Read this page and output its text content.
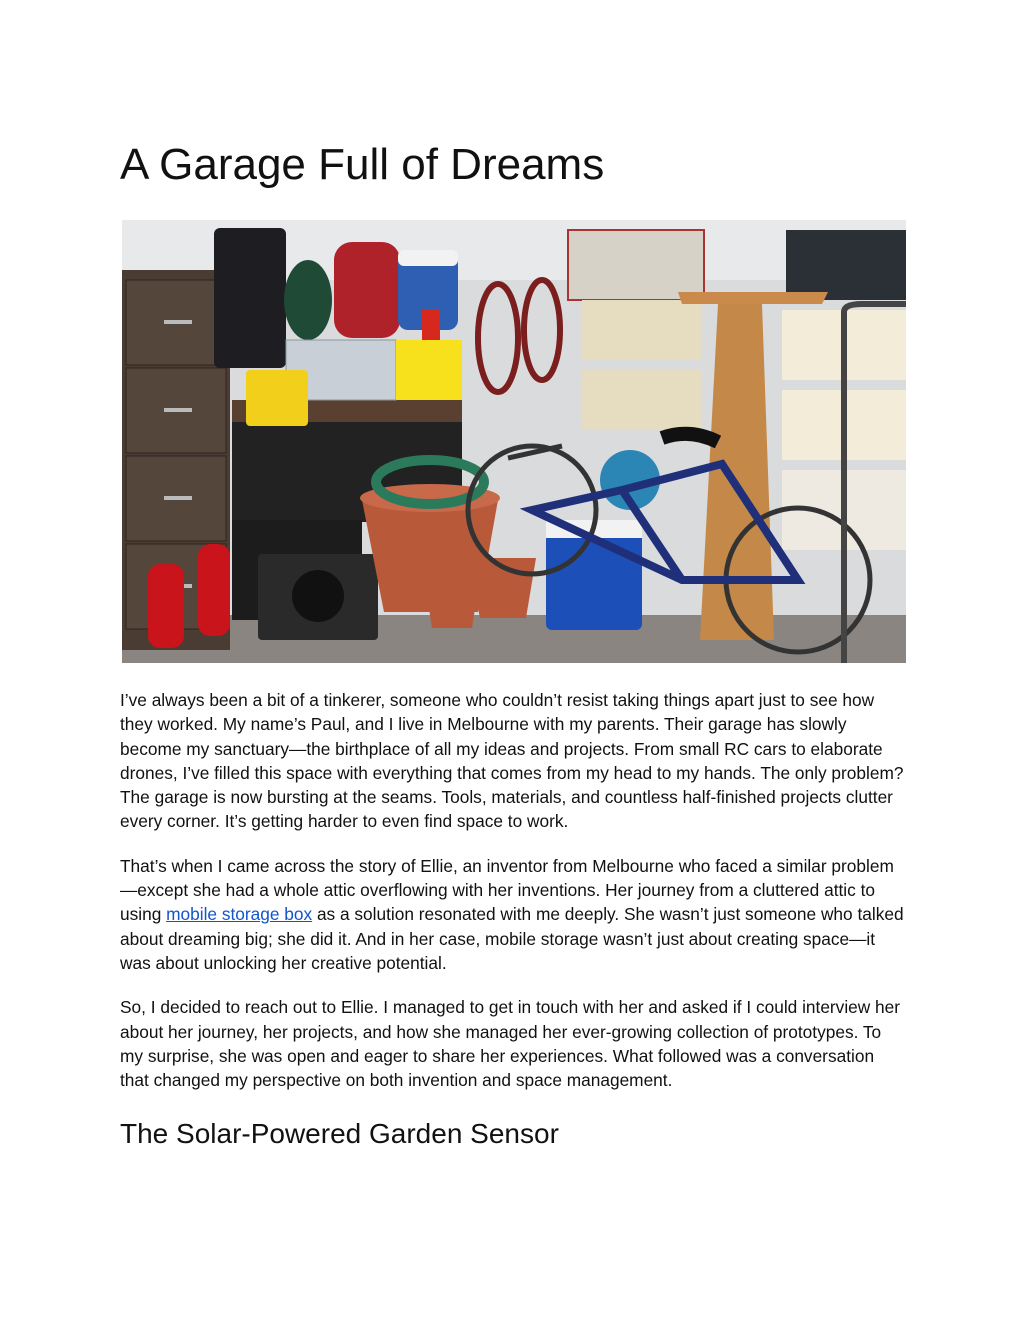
A Garage Full of Dreams

I’ve always been a bit of a tinkerer, someone who couldn’t resist taking things apart just to see how they worked. My name’s Paul, and I live in Melbourne with my parents. Their garage has slowly become my sanctuary—the birthplace of all my ideas and projects. From small RC cars to elaborate drones, I’ve filled this space with everything that comes from my head to my hands. The only problem? The garage is now bursting at the seams. Tools, materials, and countless half-finished projects clutter every corner. It’s getting harder to even find space to work.

That’s when I came across the story of Ellie, an inventor from Melbourne who faced a similar problem—except she had a whole attic overflowing with her inventions. Her journey from a cluttered attic to using mobile storage box as a solution resonated with me deeply. She wasn’t just someone who talked about dreaming big; she did it. And in her case, mobile storage wasn’t just about creating space—it was about unlocking her creative potential.

So, I decided to reach out to Ellie. I managed to get in touch with her and asked if I could interview her about her journey, her projects, and how she managed her ever-growing collection of prototypes. To my surprise, she was open and eager to share her experiences. What followed was a conversation that changed my perspective on both invention and space management.

The Solar-Powered Garden Sensor
